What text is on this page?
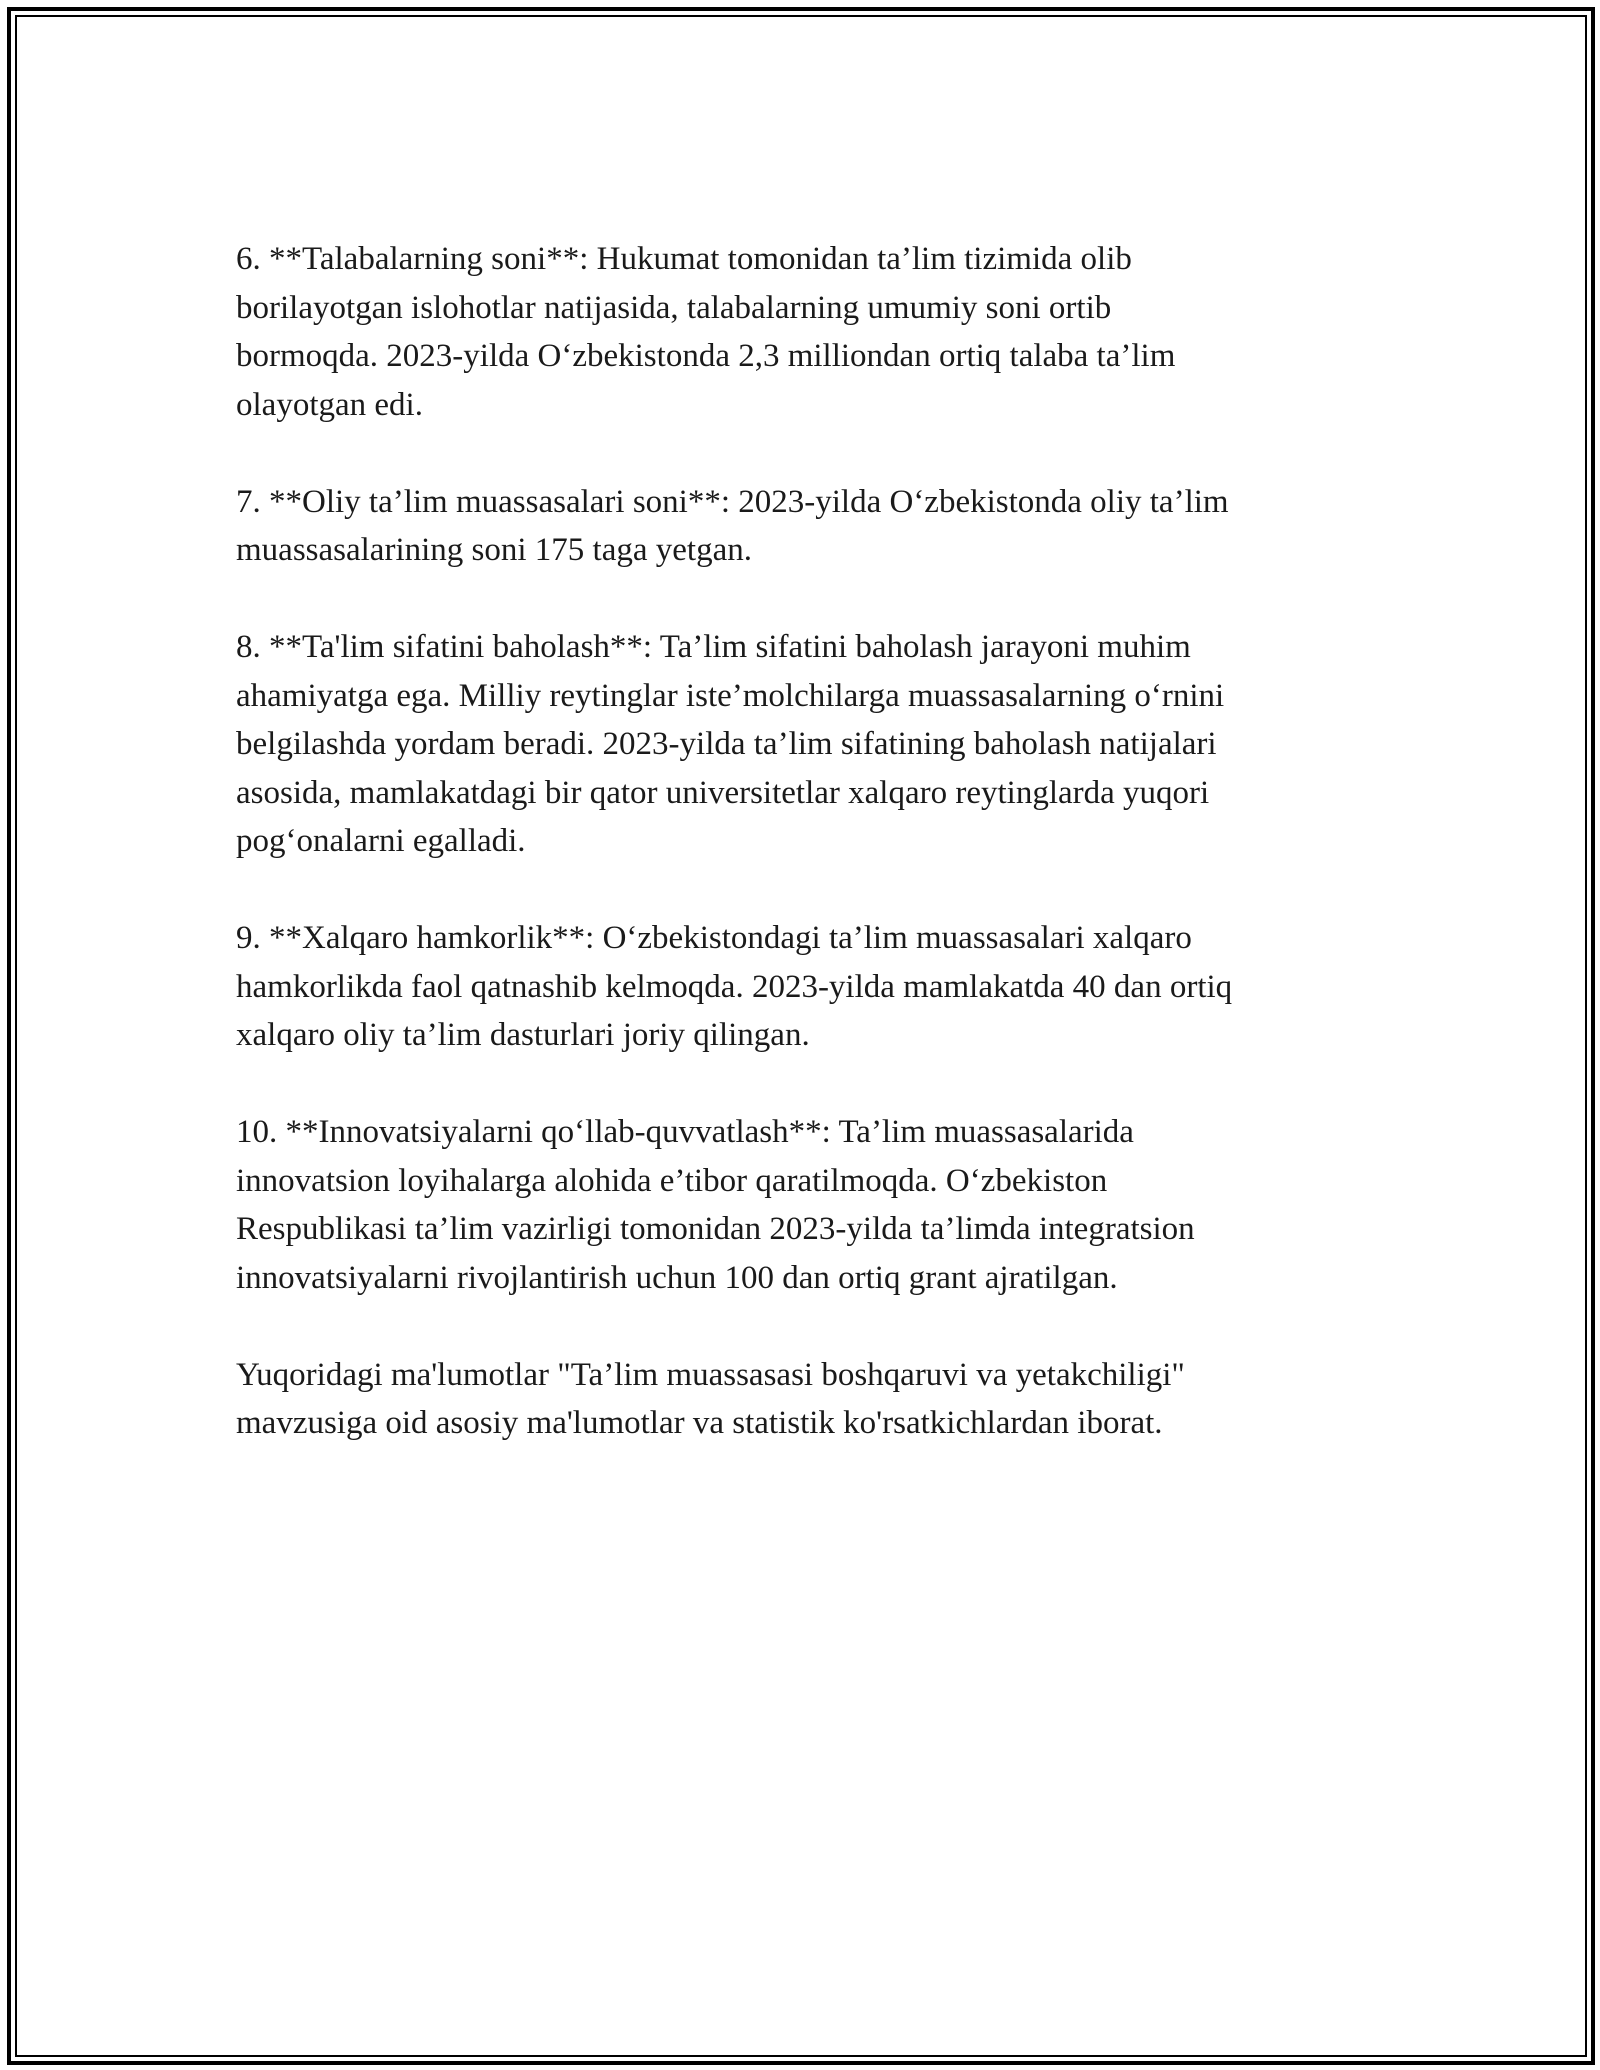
6. **Talabalarning soni**: Hukumat tomonidan ta’lim tizimida olib
borilayotgan islohotlar natijasida, talabalarning umumiy soni ortib
bormoqda. 2023-yilda O‘zbekistonda 2,3 milliondan ortiq talaba ta’lim
olayotgan edi.

7. **Oliy ta’lim muassasalari soni**: 2023-yilda O‘zbekistonda oliy ta’lim
muassasalarining soni 175 taga yetgan.

8. **Ta'lim sifatini baholash**: Ta’lim sifatini baholash jarayoni muhim
ahamiyatga ega. Milliy reytinglar iste’molchilarga muassasalarning o‘rnini
belgilashda yordam beradi. 2023-yilda ta’lim sifatining baholash natijalari
asosida, mamlakatdagi bir qator universitetlar xalqaro reytinglarda yuqori
pog‘onalarni egalladi.

9. **Xalqaro hamkorlik**: O‘zbekistondagi ta’lim muassasalari xalqaro
hamkorlikda faol qatnashib kelmoqda. 2023-yilda mamlakatda 40 dan ortiq
xalqaro oliy ta’lim dasturlari joriy qilingan.

10. **Innovatsiyalarni qo‘llab-quvvatlash**: Ta’lim muassasalarida
innovatsion loyihalarga alohida e’tibor qaratilmoqda. O‘zbekiston
Respublikasi ta’lim vazirligi tomonidan 2023-yilda ta’limda integratsion
innovatsiyalarni rivojlantirish uchun 100 dan ortiq grant ajratilgan.

Yuqoridagi ma'lumotlar "Ta’lim muassasasi boshqaruvi va yetakchiligi"
mavzusiga oid asosiy ma'lumotlar va statistik ko'rsatkichlardan iborat.
